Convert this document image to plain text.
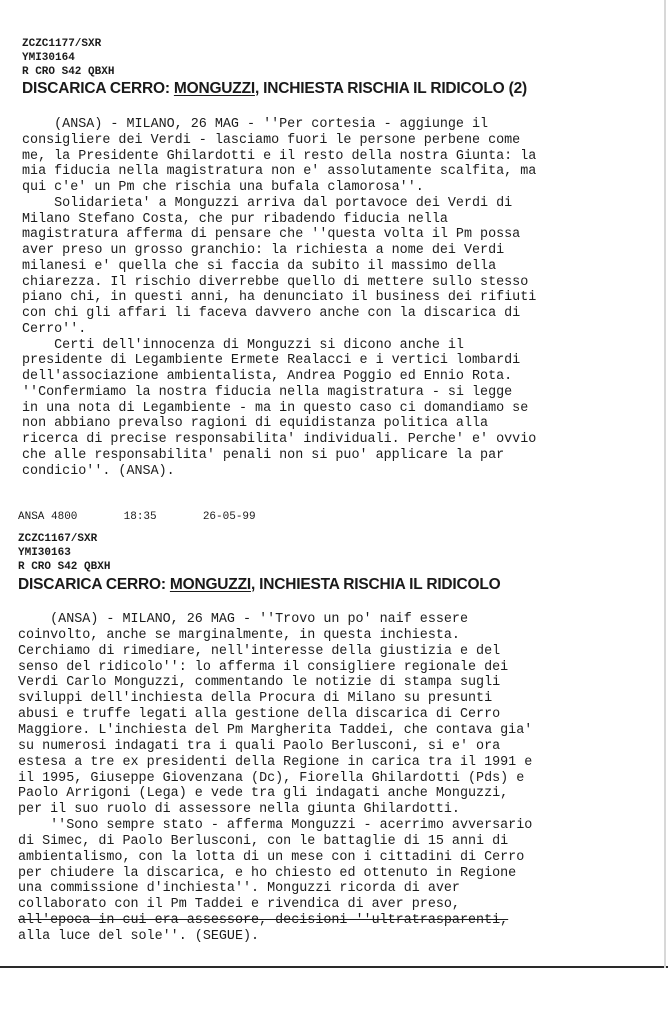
ZCZC1177/SXR
YMI30164
R CRO S42 QBXH
DISCARICA CERRO: MONGUZZI, INCHIESTA RISCHIA IL RIDICOLO (2)
(ANSA) - MILANO, 26 MAG - ''Per cortesia - aggiunge il
consigliere dei Verdi - lasciamo fuori le persone perbene come
me, la Presidente Ghilardotti e il resto della nostra Giunta: la
mia fiducia nella magistratura non e' assolutamente scalfita, ma
qui c'e' un Pm che rischia una bufala clamorosa''.
Solidarieta' a Monguzzi arriva dal portavoce dei Verdi di
Milano Stefano Costa, che pur ribadendo fiducia nella
magistratura afferma di pensare che ''questa volta il Pm possa
aver preso un grosso granchio: la richiesta a nome dei Verdi
milanesi e' quella che si faccia da subito il massimo della
chiarezza. Il rischio diverrebbe quello di mettere sullo stesso
piano chi, in questi anni, ha denunciato il business dei rifiuti
con chi gli affari li faceva davvero anche con la discarica di
Cerro''.
Certi dell'innocenza di Monguzzi si dicono anche il
presidente di Legambiente Ermete Realacci e i vertici lombardi
dell'associazione ambientalista, Andrea Poggio ed Ennio Rota.
''Confermiamo la nostra fiducia nella magistratura - si legge
in una nota di Legambiente - ma in questo caso ci domandiamo se
non abbiano prevalso ragioni di equidistanza politica alla
ricerca di precise responsabilita' individuali. Perche' e' ovvio
che alle responsabilita' penali non si puo' applicare la par
condicio''. (ANSA).
ANSA 4800       18:35       26-05-99
ZCZC1167/SXR
YMI30163
R CRO S42 QBXH
DISCARICA CERRO: MONGUZZI, INCHIESTA RISCHIA IL RIDICOLO
(ANSA) - MILANO, 26 MAG - ''Trovo un po' naif essere
coinvolto, anche se marginalmente, in questa inchiesta.
Cerchiamo di rimediare, nell'interesse della giustizia e del
senso del ridicolo'': lo afferma il consigliere regionale dei
Verdi Carlo Monguzzi, commentando le notizie di stampa sugli
sviluppi dell'inchiesta della Procura di Milano su presunti
abusi e truffe legati alla gestione della discarica di Cerro
Maggiore. L'inchiesta del Pm Margherita Taddei, che contava gia'
su numerosi indagati tra i quali Paolo Berlusconi, si e' ora
estesa a tre ex presidenti della Regione in carica tra il 1991 e
il 1995, Giuseppe Giovenzana (Dc), Fiorella Ghilardotti (Pds) e
Paolo Arrigoni (Lega) e vede tra gli indagati anche Monguzzi,
per il suo ruolo di assessore nella giunta Ghilardotti.
''Sono sempre stato - afferma Monguzzi - acerrimo avversario
di Simec, di Paolo Berlusconi, con le battaglie di 15 anni di
ambientalismo, con la lotta di un mese con i cittadini di Cerro
per chiudere la discarica, e ho chiesto ed ottenuto in Regione
una commissione d'inchiesta''. Monguzzi ricorda di aver
collaborato con il Pm Taddei e rivendica di aver preso,
all'epoca in cui era assessore, decisioni ''ultratrasparenti,
alla luce del sole''. (SEGUE).
